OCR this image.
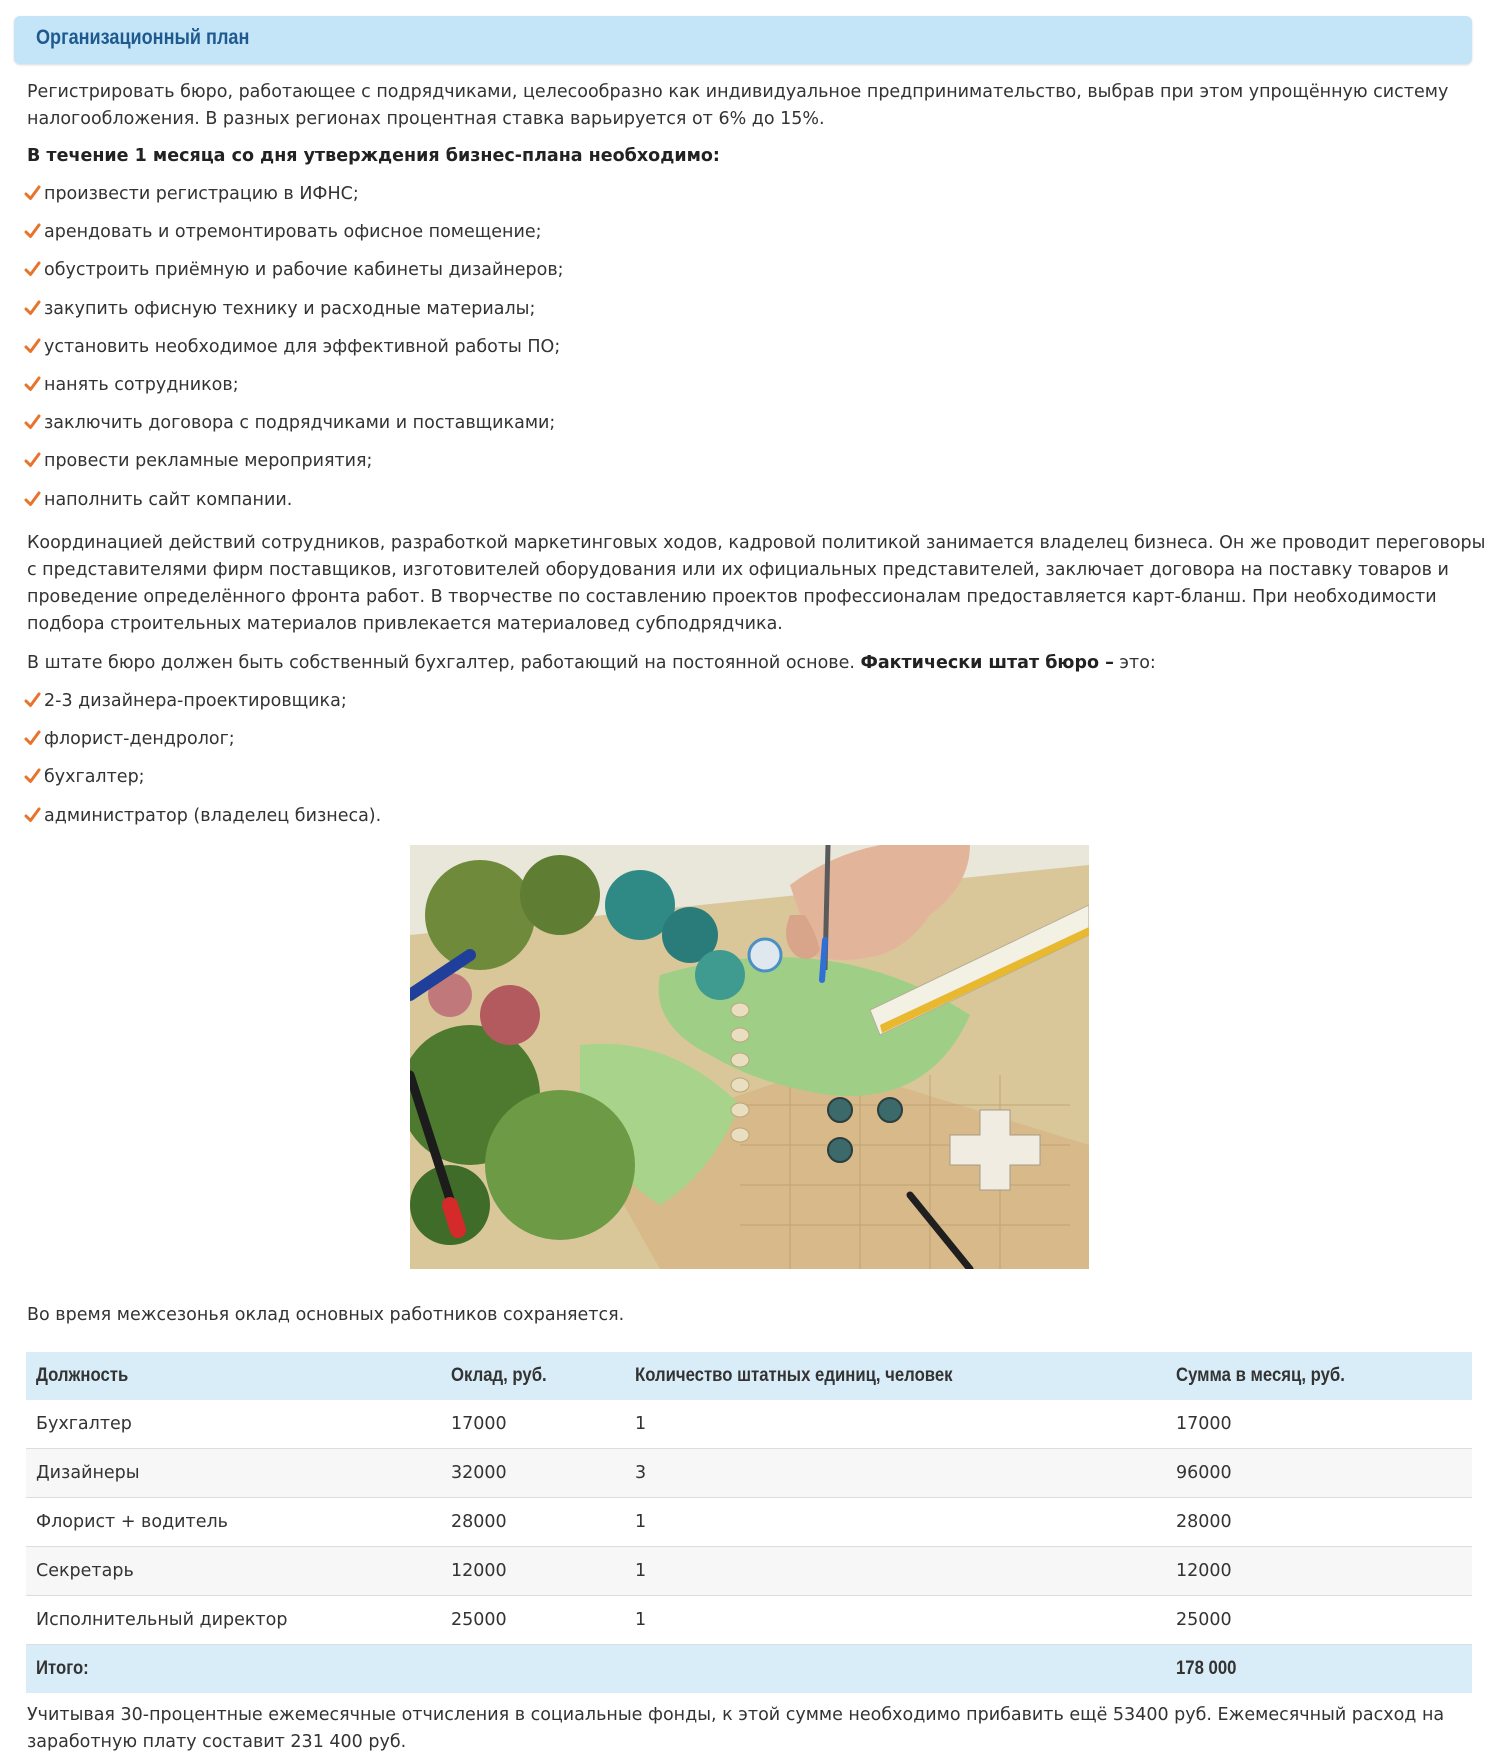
Организационный план

Регистрировать бюро, работающее с подрядчиками, целесообразно как индивидуальное предпринимательство, выбрав при этом упрощённую систему
налогообложения. В разных регионах процентная ставка варьируется от 6% до 15%.

В течение 1 месяца со дня утверждения бизнес-плана необходимо:

произвести регистрацию в ИФНС;
арендовать и отремонтировать офисное помещение;
обустроить приёмную и рабочие кабинеты дизайнеров;
закупить офисную технику и расходные материалы;
установить необходимое для эффективной работы ПО;
нанять сотрудников;
заключить договора с подрядчиками и поставщиками;
провести рекламные мероприятия;
наполнить сайт компании.

Координацией действий сотрудников, разработкой маркетинговых ходов, кадровой политикой занимается владелец бизнеса. Он же проводит переговоры
с представителями фирм поставщиков, изготовителей оборудования или их официальных представителей, заключает договора на поставку товаров и
проведение определённого фронта работ. В творчестве по составлению проектов профессионалам предоставляется карт-бланш. При необходимости
подбора строительных материалов привлекается материаловед субподрядчика.

В штате бюро должен быть собственный бухгалтер, работающий на постоянной основе. Фактически штат бюро – это:

2-3 дизайнера-проектировщика;
флорист-дендролог;
бухгалтер;
администратор (владелец бизнеса).

Во время межсезонья оклад основных работников сохраняется.

Должность	Оклад, руб.	Количество штатных единиц, человек	Сумма в месяц, руб.
Бухгалтер	17000	1	17000
Дизайнеры	32000	3	96000
Флорист + водитель	28000	1	28000
Секретарь	12000	1	12000
Исполнительный директор	25000	1	25000
Итого:			178 000

Учитывая 30-процентные ежемесячные отчисления в социальные фонды, к этой сумме необходимо прибавить ещё 53400 руб. Ежемесячный расход на
заработную плату составит 231 400 руб.
